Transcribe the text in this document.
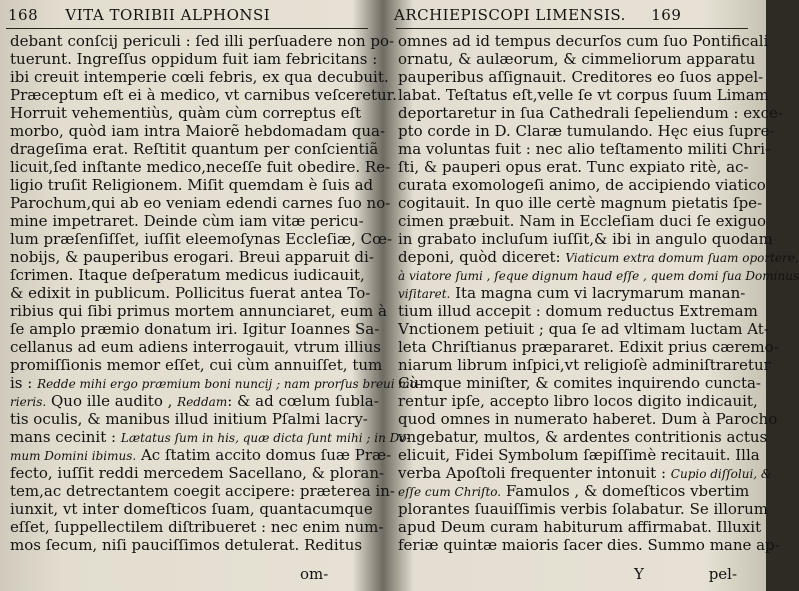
168 VITA TORIBII ALPHONSI
debant conſcij periculi : ſed illi perſuadere non po-
tuerunt. Ingreſſus oppidum fuit iam febricitans :
ibi creuit intemperie cœli febris, ex qua decubuit.
Præceptum eſt ei à medico, vt carnibus veſceretur.
Horruit vehementiùs, quàm cùm correptus eſt
morbo, quòd iam intra Maiorẽ hebdomadam qua-
drageſima erat. Reſtitit quantum per conſcientiã
licuit,ſed inſtante medico,neceſſe fuit obedire. Re-
ligio truſit Religionem. Miſit quemdam è ſuis ad
Parochum,qui ab eo veniam edendi carnes ſuo no-
mine impetraret. Deinde cùm iam vitæ pericu-
lum præſenſiſſet, iuſſit eleemoſynas Eccleſiæ, Cœ-
nobijs, & pauperibus erogari. Breui apparuit di-
ſcrimen. Itaque deſperatum medicus iudicauit,
& edixit in publicum. Pollicitus fuerat antea To-
ribius qui ſibi primus mortem annunciaret, eum à
ſe amplo præmio donatum iri. Igitur Ioannes Sa-
cellanus ad eum adiens interrogauit, vtrum illius
promiſſionis memor eſſet, cui cùm annuiſſet, tum
is : Redde mihi ergo præmium boni nuncij ; nam prorſus breui mo-
rieris. Quo ille audito , Reddam: & ad cœlum ſubla-
tis oculis, & manibus illud initium Pſalmi lacry-
mans cecinit : Lætatus ſum in his, quæ dicta ſunt mihi ; in Do-
mum Domini ibimus. Ac ſtatim accito domus ſuæ Præ-
fecto, iuſſit reddi mercedem Sacellano, & ploran-
tem,ac detrectantem coegit accipere: præterea in-
iunxit, vt inter domeſticos ſuam, quantacumque
eſſet, ſuppellectilem diſtribueret : nec enim num-
mos ſecum, niſi pauciſſimos detulerat. Reditus
om-
ARCHIEPISCOPI LIMENSIS. 169
omnes ad id tempus decurſos cum ſuo Pontificali
ornatu, & aulæorum, & cimmeliorum apparatu
pauperibus aſſignauit. Creditores eo ſuos appel-
labat. Teſtatus eſt,velle ſe vt corpus ſuum Limam
deportaretur in ſua Cathedrali ſepeliendum : exce-
pto corde in D. Claræ tumulando. Hęc eius ſupre-
ma voluntas fuit : nec alio teſtamento militi Chri-
ſti, & pauperi opus erat. Tunc expiato ritè, ac-
curata exomologeſi animo, de accipiendo viatico
cogitauit. In quo ille certè magnum pietatis ſpe-
cimen præbuit. Nam in Eccleſiam duci ſe exiguo
in grabato incluſum iuſſit,& ibi in angulo quodam
deponi, quòd diceret: Viaticum extra domum ſuam oportere,
à viatore ſumi , ſeque dignum haud eſſe , quem domi ſua Dominus
viſitaret. Ita magna cum vi lacrymarum manan-
tium illud accepit : domum reductus Extremam
Vnctionem petiuit ; qua ſe ad vltimam luctam At-
leta Chriſtianus præpararet. Edixit prius cæremo-
niarum librum inſpici,vt religioſè adminiſtraretur
Cùmque miniſter, & comites inquirendo cuncta-
rentur ipſe, accepto libro locos digito indicauit,
quod omnes in numerato haberet. Dum à Parocho
vngebatur, multos, & ardentes contritionis actus
elicuit, Fidei Symbolum ſæpiſſimè recitauit. Illa
verba Apoſtoli frequenter intonuit : Cupio diſſolui, &
eſſe cum Chriſto. Famulos , & domeſticos vbertim
plorantes ſuauiſſimis verbis ſolabatur. Se illorum
apud Deum curam habiturum affirmabat. Illuxit
feriæ quintæ maioris ſacer dies. Summo mane ap-
Y	pel-
